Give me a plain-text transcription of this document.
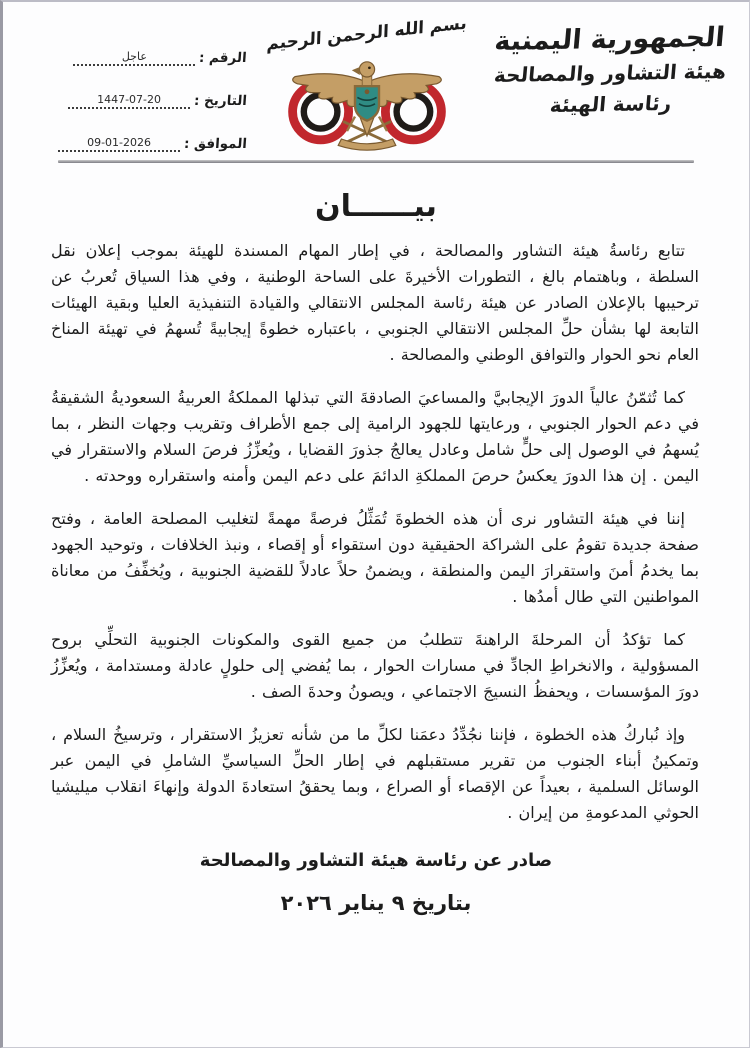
الجمهورية اليمنية
هيئة التشاور والمصالحة
رئاسة الهيئة
بسم الله الرحمن الرحيم
الرقم :
عاجل
التاريخ :
1447-07-20
الموافق :
09-01-2026
بيــــــان

تتابع رئاسةُ هيئة التشاور والمصالحة ، في إطار المهام المسندة للهيئة بموجب إعلان نقل السلطة ، وباهتمام بالغ ، التطورات الأخيرةَ على الساحة الوطنية ، وفي هذا السياق تُعربُ عن ترحيبها بالإعلان الصادر عن هيئة رئاسة المجلس الانتقالي والقيادة التنفيذية العليا وبقية الهيئات التابعة لها بشأن حلِّ المجلس الانتقالي الجنوبي ، باعتباره خطوةً إيجابيةً تُسهمُ في تهيئة المناخ العام نحو الحوار والتوافق الوطني والمصالحة .

كما تُثمّنُ عالياً الدورَ الإيجابيَّ والمساعيَ الصادقةَ التي تبذلها المملكةُ العربيةُ السعوديةُ الشقيقةُ في دعم الحوار الجنوبي ، ورعايتها للجهود الرامية إلى جمع الأطراف وتقريب وجهات النظر ، بما يُسهمُ في الوصول إلى حلٍّ شامل وعادل يعالجُ جذورَ القضايا ، ويُعزِّزُ فرصَ السلام والاستقرار في اليمن . إن هذا الدورَ يعكسُ حرصَ المملكةِ الدائمَ على دعم اليمن وأمنه واستقراره ووحدته .

إننا في هيئة التشاور نرى أن هذه الخطوةَ تُمَثِّلُ فرصةً مهمةً لتغليب المصلحة العامة ، وفتح صفحة جديدة تقومُ على الشراكة الحقيقية دون استقواء أو إقصاء ، ونبذ الخلافات ، وتوحيد الجهود بما يخدمُ أمنَ واستقرارَ اليمن والمنطقة ، ويضمنُ حلاً عادلاً للقضية الجنوبية ، ويُخفِّفُ من معاناة المواطنين التي طال أمدُها .

كما تؤكدُ أن المرحلةَ الراهنةَ تتطلبُ من جميع القوى والمكونات الجنوبية التحلِّي بروح المسؤولية ، والانخراطِ الجادِّ في مسارات الحوار ، بما يُفضي إلى حلولٍ عادلة ومستدامة ، ويُعزِّزُ دورَ المؤسسات ، ويحفظُ النسيجَ الاجتماعي ، ويصونُ وحدةَ الصف .

وإذ نُباركُ هذه الخطوة ، فإننا نجُدِّدُ دعمَنا لكلِّ ما من شأنه تعزيزُ الاستقرار ، وترسيخُ السلام ، وتمكينُ أبناء الجنوب من تقرير مستقبلهم في إطار الحلِّ السياسيِّ الشاملِ في اليمن عبر الوسائل السلمية ، بعيداً عن الإقصاء أو الصراع ، وبما يحققُ استعادةَ الدولة وإنهاءَ انقلاب ميليشيا الحوثي المدعومةِ من إيران .

صادر عن رئاسة هيئة التشاور والمصالحة
بتاريخ ٩ يناير ٢٠٢٦
